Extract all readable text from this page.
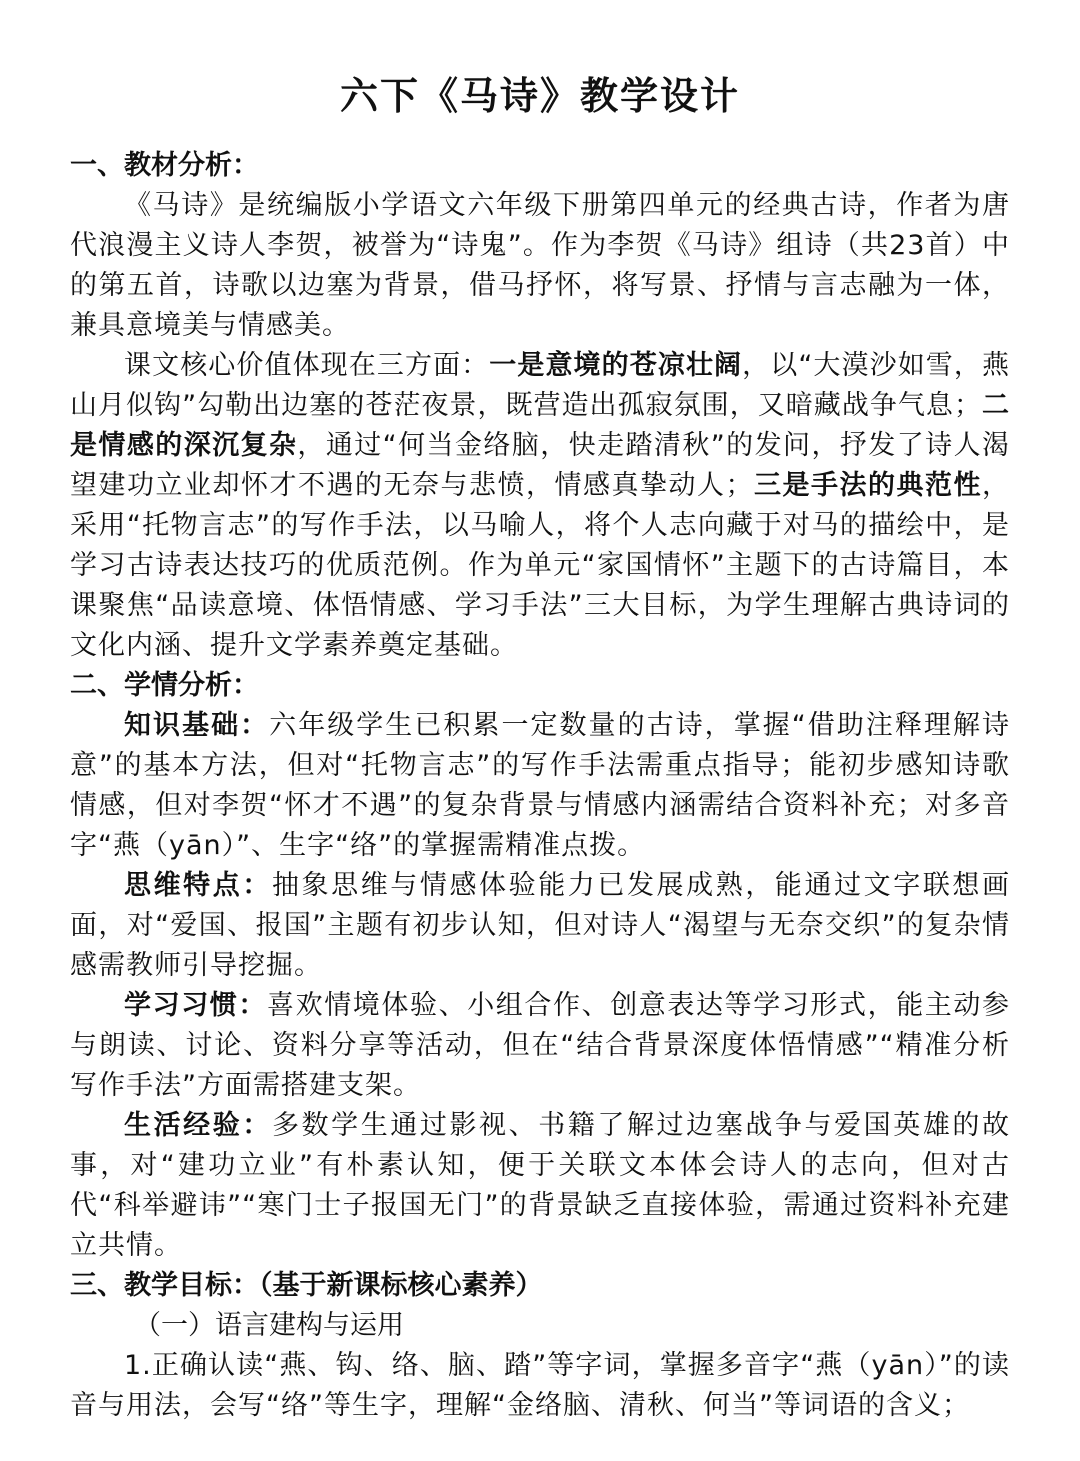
六下《马诗》教学设计
一、教材分析：

《马诗》是统编版小学语文六年级下册第四单元的经典古诗，作者为唐代浪漫主义诗人李贺，被誉为“诗鬼”。作为李贺《马诗》组诗（共23首）中的第五首，诗歌以边塞为背景，借马抒怀，将写景、抒情与言志融为一体，兼具意境美与情感美。

课文核心价值体现在三方面：一是意境的苍凉壮阔，以“大漠沙如雪，燕山月似钩”勾勒出边塞的苍茫夜景，既营造出孤寂氛围，又暗藏战争气息；二是情感的深沉复杂，通过“何当金络脑，快走踏清秋”的发问，抒发了诗人渴望建功立业却怀才不遇的无奈与悲愤，情感真挚动人；三是手法的典范性，采用“托物言志”的写作手法，以马喻人，将个人志向藏于对马的描绘中，是学习古诗表达技巧的优质范例。作为单元“家国情怀”主题下的古诗篇目，本课聚焦“品读意境、体悟情感、学习手法”三大目标，为学生理解古典诗词的文化内涵、提升文学素养奠定基础。

二、学情分析：

知识基础：六年级学生已积累一定数量的古诗，掌握“借助注释理解诗意”的基本方法，但对“托物言志”的写作手法需重点指导；能初步感知诗歌情感，但对李贺“怀才不遇”的复杂背景与情感内涵需结合资料补充；对多音字“燕（yān）”、生字“络”的掌握需精准点拨。

思维特点：抽象思维与情感体验能力已发展成熟，能通过文字联想画面，对“爱国、报国”主题有初步认知，但对诗人“渴望与无奈交织”的复杂情感需教师引导挖掘。

学习习惯：喜欢情境体验、小组合作、创意表达等学习形式，能主动参与朗读、讨论、资料分享等活动，但在“结合背景深度体悟情感”“精准分析写作手法”方面需搭建支架。

生活经验：多数学生通过影视、书籍了解过边塞战争与爱国英雄的故事，对“建功立业”有朴素认知，便于关联文本体会诗人的志向，但对古代“科举避讳”“寒门士子报国无门”的背景缺乏直接体验，需通过资料补充建立共情。

三、教学目标：（基于新课标核心素养）
（一）语言建构与运用

1.正确认读“燕、钩、络、脑、踏”等字词，掌握多音字“燕（yān）”的读音与用法，会写“络”等生字，理解“金络脑、清秋、何当”等词语的含义；
